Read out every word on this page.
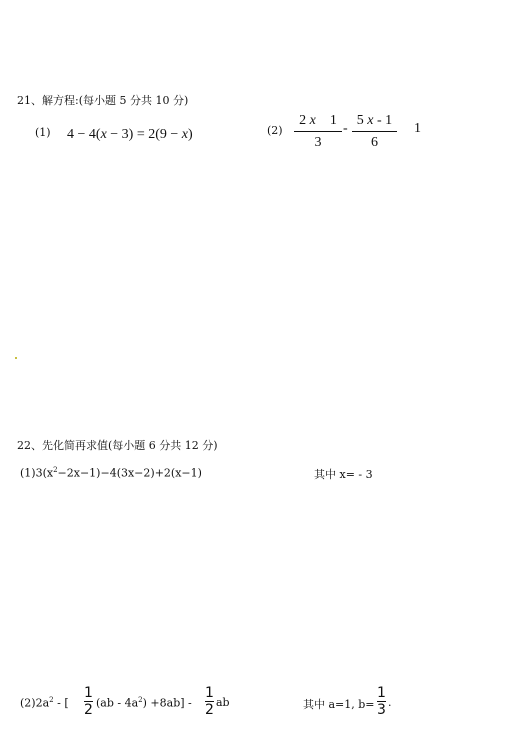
21、解方程:(每小题 5 分共 10 分)
(1) 4 − 4(x − 3) = 2(9 − x)	(2)
2 x    1
3
-
5 x - 1
6
1
22、先化简再求值(每小题 6 分共 12 分)
$(1)3(x^2-2x-1)-4(3x-2)+2(x-1)$	其中 x= - 3
$(2)2a^2$ - [
1
2 $(ab - 4a^2) +8ab$] -
1
2 ab	其中 a=1, b=
1
3 .
